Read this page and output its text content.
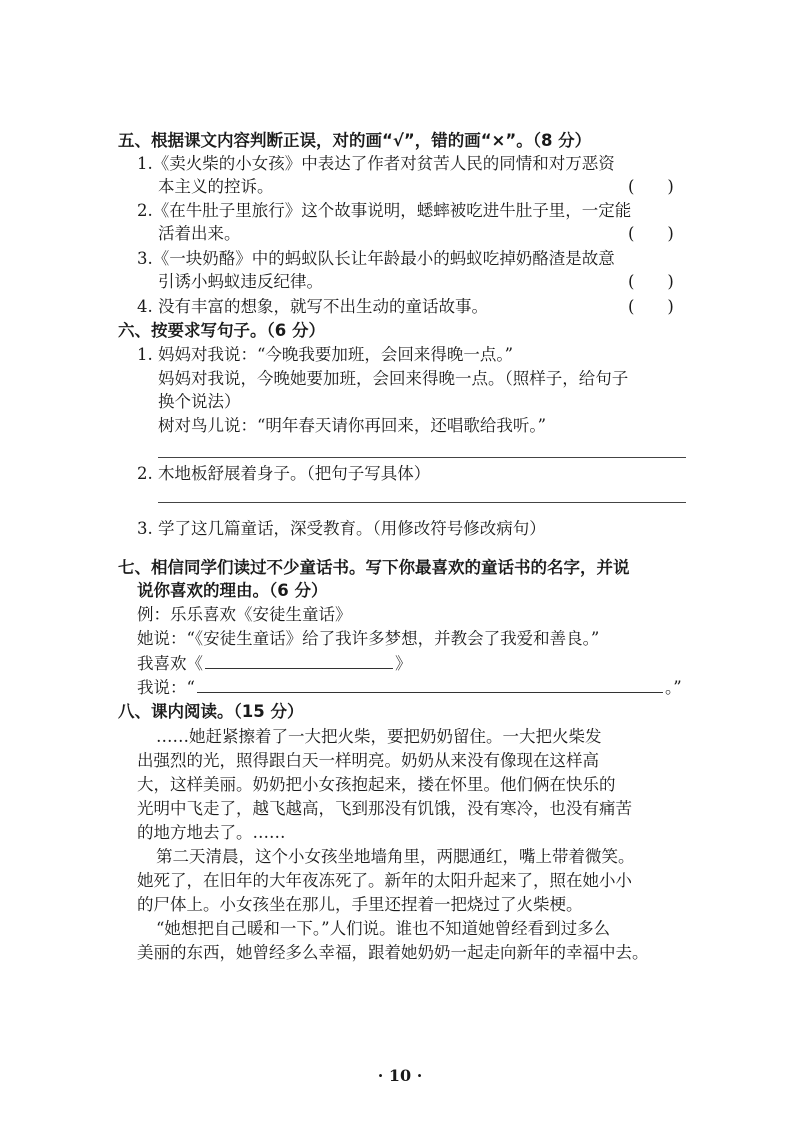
五、根据课文内容判断正误，对的画“√”，错的画“×”。（8 分）
1.《卖火柴的小女孩》中表达了作者对贫苦人民的同情和对万恶资
本主义的控诉。	(　　)
2.《在牛肚子里旅行》这个故事说明，蟋蟀被吃进牛肚子里，一定能
活着出来。	(　　)
3.《一块奶酪》中的蚂蚁队长让年龄最小的蚂蚁吃掉奶酪渣是故意
引诱小蚂蚁违反纪律。	(　　)
4. 没有丰富的想象，就写不出生动的童话故事。	(　　)
六、按要求写句子。（6 分）
1. 妈妈对我说：“今晚我要加班，会回来得晚一点。”
妈妈对我说，今晚她要加班，会回来得晚一点。（照样子，给句子
换个说法）
树对鸟儿说：“明年春天请你再回来，还唱歌给我听。”
2. 木地板舒展着身子。（把句子写具体）
3. 学了这几篇童话，深受教育。（用修改符号修改病句）
七、相信同学们读过不少童话书。写下你最喜欢的童话书的名字，并说
说你喜欢的理由。（6 分）
例：乐乐喜欢《安徒生童话》
她说：“《安徒生童话》给了我许多梦想，并教会了我爱和善良。”
我喜欢《	》
我说：“	。”
八、课内阅读。（15 分）
……她赶紧擦着了一大把火柴，要把奶奶留住。一大把火柴发
出强烈的光，照得跟白天一样明亮。奶奶从来没有像现在这样高
大，这样美丽。奶奶把小女孩抱起来，搂在怀里。他们俩在快乐的
光明中飞走了，越飞越高，飞到那没有饥饿，没有寒冷，也没有痛苦
的地方地去了。……
第二天清晨，这个小女孩坐地墙角里，两腮通红，嘴上带着微笑。
她死了，在旧年的大年夜冻死了。新年的太阳升起来了，照在她小小
的尸体上。小女孩坐在那儿，手里还捏着一把烧过了火柴梗。
“她想把自己暖和一下。”人们说。谁也不知道她曾经看到过多么
美丽的东西，她曾经多么幸福，跟着她奶奶一起走向新年的幸福中去。
· 10 ·
